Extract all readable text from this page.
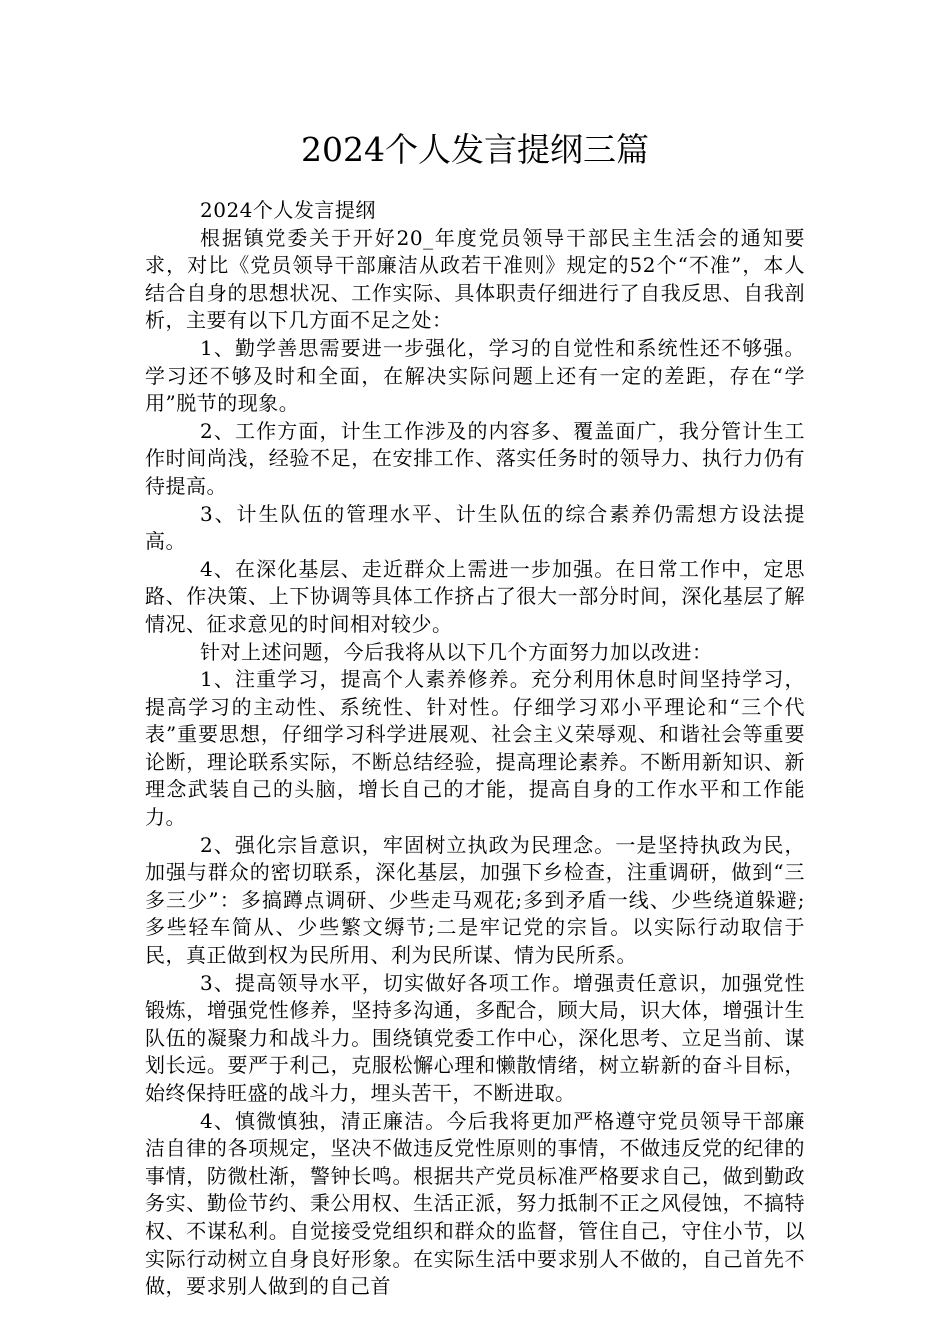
2024个人发言提纲三篇

2024个人发言提纲

根据镇党委关于开好20_年度党员领导干部民主生活会的通知要求，对比《党员领导干部廉洁从政若干准则》规定的52个“不准”，本人结合自身的思想状况、工作实际、具体职责仔细进行了自我反思、自我剖析，主要有以下几方面不足之处：

1、勤学善思需要进一步强化，学习的自觉性和系统性还不够强。学习还不够及时和全面，在解决实际问题上还有一定的差距，存在“学用”脱节的现象。

2、工作方面，计生工作涉及的内容多、覆盖面广，我分管计生工作时间尚浅，经验不足，在安排工作、落实任务时的领导力、执行力仍有待提高。

3、计生队伍的管理水平、计生队伍的综合素养仍需想方设法提高。

4、在深化基层、走近群众上需进一步加强。在日常工作中，定思路、作决策、上下协调等具体工作挤占了很大一部分时间，深化基层了解情况、征求意见的时间相对较少。

针对上述问题，今后我将从以下几个方面努力加以改进：

1、注重学习，提高个人素养修养。充分利用休息时间坚持学习，提高学习的主动性、系统性、针对性。仔细学习邓小平理论和“三个代表”重要思想，仔细学习科学进展观、社会主义荣辱观、和谐社会等重要论断，理论联系实际，不断总结经验，提高理论素养。不断用新知识、新理念武装自己的头脑，增长自己的才能，提高自身的工作水平和工作能力。

2、强化宗旨意识，牢固树立执政为民理念。一是坚持执政为民，加强与群众的密切联系，深化基层，加强下乡检查，注重调研，做到“三多三少”：多搞蹲点调研、少些走马观花;多到矛盾一线、少些绕道躲避;多些轻车简从、少些繁文缛节;二是牢记党的宗旨。以实际行动取信于民，真正做到权为民所用、利为民所谋、情为民所系。

3、提高领导水平，切实做好各项工作。增强责任意识，加强党性锻炼，增强党性修养，坚持多沟通，多配合，顾大局，识大体，增强计生队伍的凝聚力和战斗力。围绕镇党委工作中心，深化思考、立足当前、谋划长远。要严于利己，克服松懈心理和懒散情绪，树立崭新的奋斗目标，始终保持旺盛的战斗力，埋头苦干，不断进取。

4、慎微慎独，清正廉洁。今后我将更加严格遵守党员领导干部廉洁自律的各项规定，坚决不做违反党性原则的事情，不做违反党的纪律的事情，防微杜渐，警钟长鸣。根据共产党员标准严格要求自己，做到勤政务实、勤俭节约、秉公用权、生活正派，努力抵制不正之风侵蚀，不搞特权、不谋私利。自觉接受党组织和群众的监督，管住自己，守住小节，以实际行动树立自身良好形象。在实际生活中要求别人不做的，自己首先不做，要求别人做到的自己首
